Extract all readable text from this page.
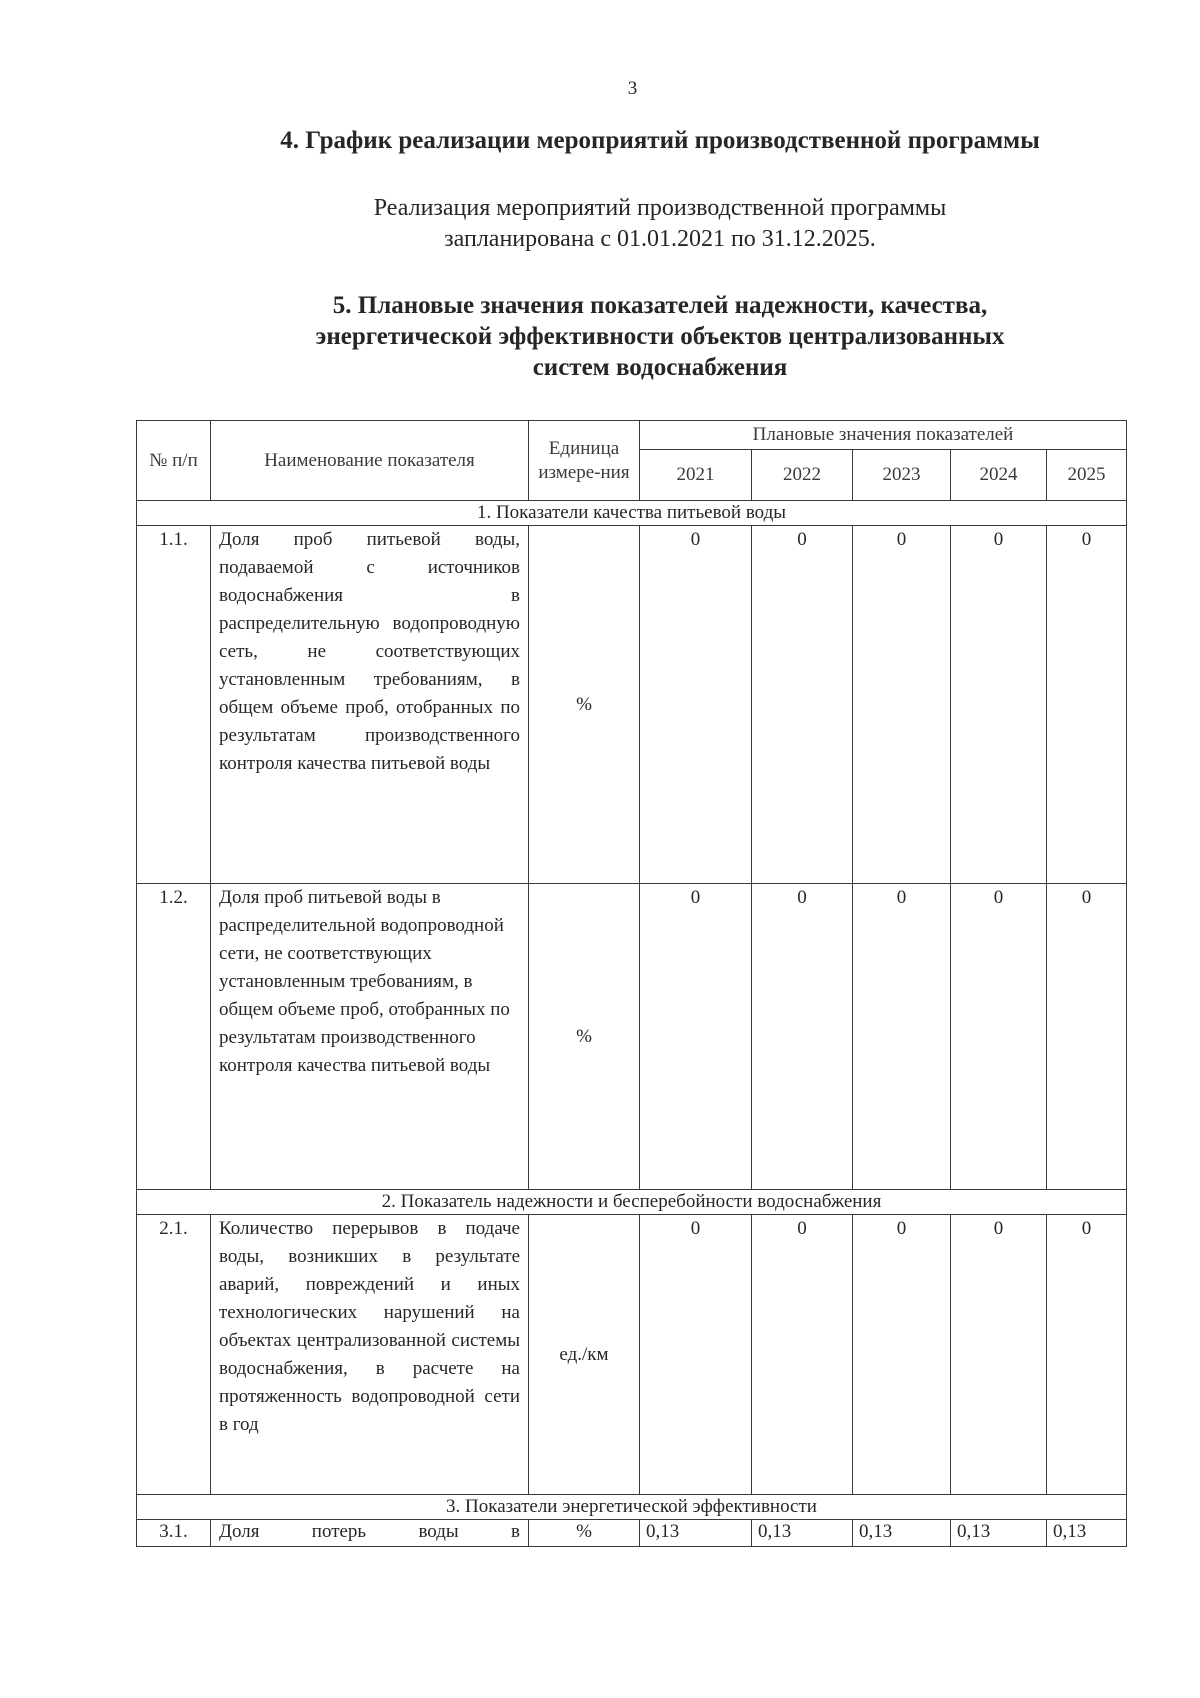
3
4. График реализации мероприятий производственной программы
Реализация мероприятий производственной программы
запланирована с 01.01.2021 по 31.12.2025.
5. Плановые значения показателей надежности, качества,
энергетической эффективности объектов централизованных
систем водоснабжения
№ п/п	Наименование показателя	Единица измере-ния	Плановые значения показателей				
			2021	2022	2023	2024	2025
1. Показатели качества питьевой воды							
1.1.	Доля проб питьевой воды, подаваемой с источников водоснабжения в распределительную водопроводную сеть, не соответствующих установленным требованиям, в общем объеме проб, отобранных по результатам производственного контроля качества питьевой воды	%	0	0	0	0	0
1.2.	Доля проб питьевой воды в распределительной водопроводной сети, не соответствующих установленным требованиям, в общем объеме проб, отобранных по результатам производственного контроля качества питьевой воды	%	0	0	0	0	0
2. Показатель надежности и бесперебойности водоснабжения							
2.1.	Количество перерывов в подаче воды, возникших в результате аварий, повреждений и иных технологических нарушений на объектах централизованной системы водоснабжения, в расчете на протяженность водопроводной сети в год	ед./км	0	0	0	0	0
3. Показатели энергетической эффективности							
3.1.	Доля потерь воды в	%	0,13	0,13	0,13	0,13	0,13
